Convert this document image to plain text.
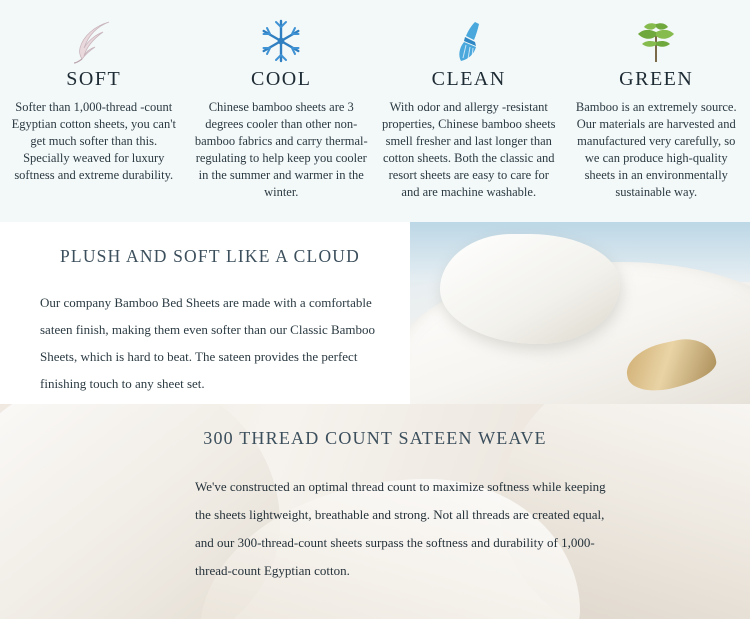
SOFT
Softer than 1,000-thread -count Egyptian cotton sheets, you can't get much softer than this. Specially weaved for luxury softness and extreme durability.
COOL
Chinese bamboo sheets are 3 degrees cooler than other non-bamboo fabrics and carry thermal-regulating to help keep you cooler in the summer and warmer in the winter.
CLEAN
With odor and allergy -resistant properties, Chinese bamboo sheets smell fresher and last longer than cotton sheets. Both the classic and resort sheets are easy to care for and are machine washable.
GREEN
Bamboo is an extremely source. Our materials are harvested and manufactured very carefully, so we can produce high-quality sheets in an environmentally sustainable way.
PLUSH AND SOFT LIKE A CLOUD

Our company Bamboo Bed Sheets are made with a comfortable sateen finish, making them even softer than our Classic Bamboo Sheets, which is hard to beat. The sateen provides the perfect finishing touch to any sheet set.

300 THREAD COUNT SATEEN WEAVE

We've constructed an optimal thread count to maximize softness while keeping the sheets lightweight, breathable and strong. Not all threads are created equal, and our 300-thread-count sheets surpass the softness and durability of 1,000-thread-count Egyptian cotton.
